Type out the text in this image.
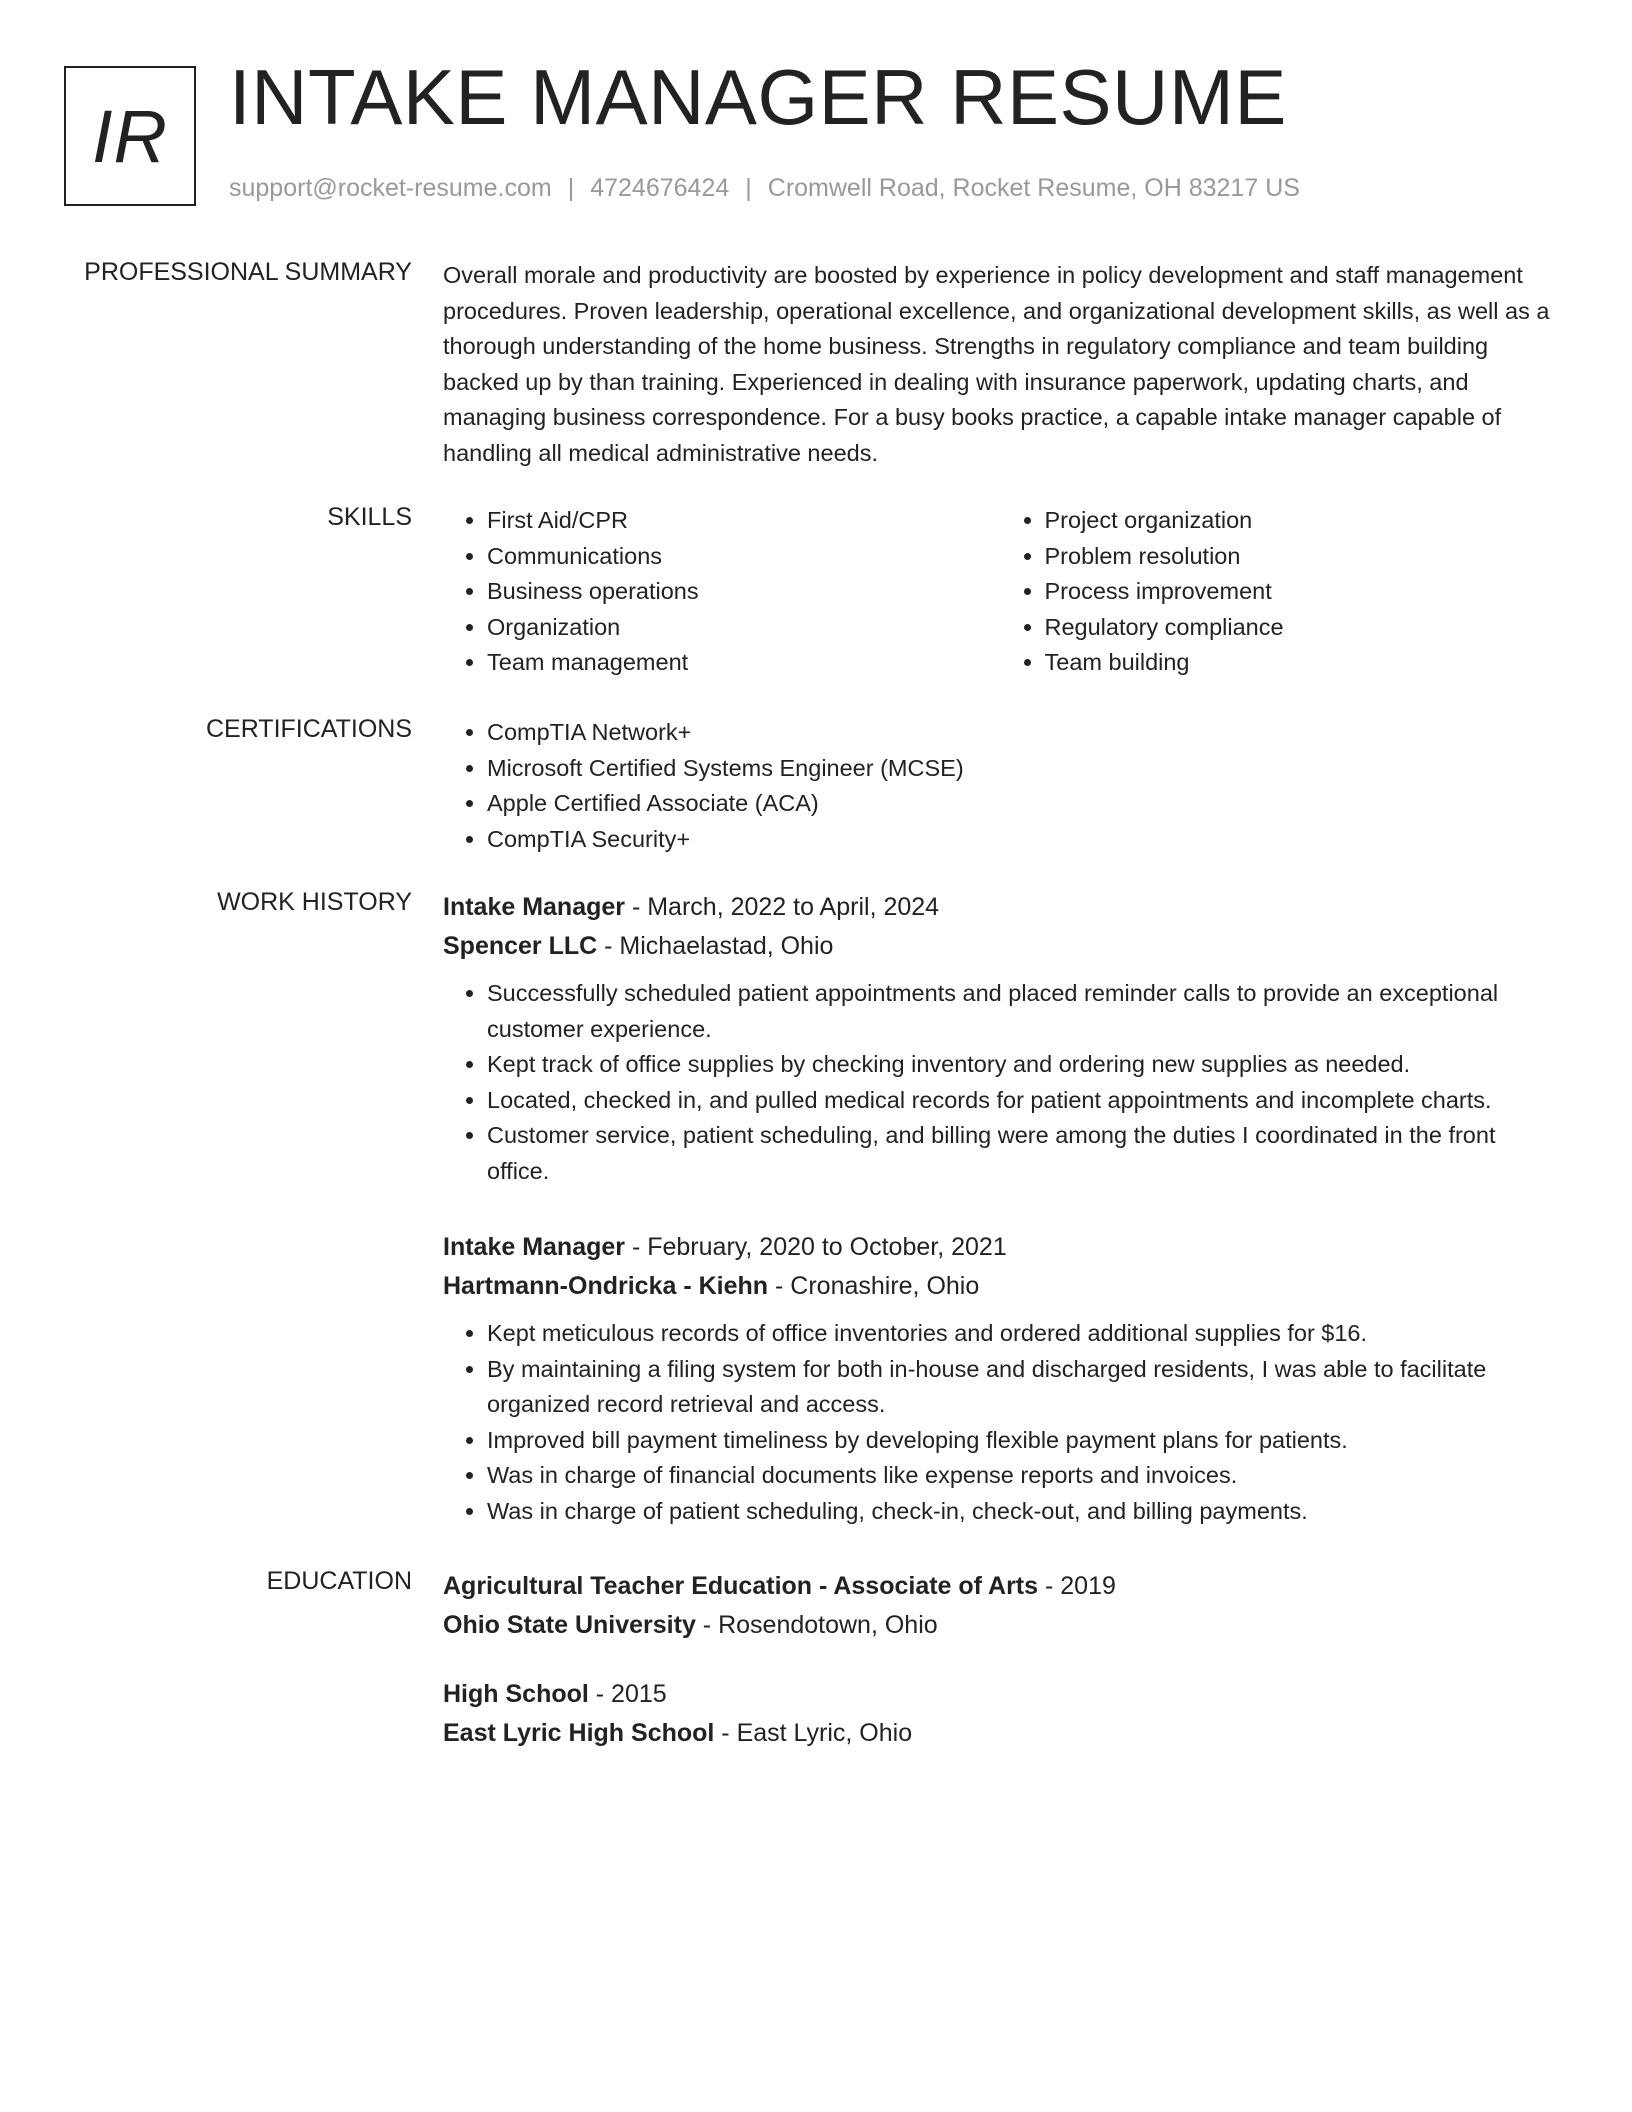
IR INTAKE MANAGER RESUME
support@rocket-resume.com | 4724676424 | Cromwell Road, Rocket Resume, OH 83217 US
PROFESSIONAL SUMMARY Overall morale and productivity are boosted by experience in policy development and staff management procedures. Proven leadership, operational excellence, and organizational development skills, as well as a thorough understanding of the home business. Strengths in regulatory compliance and team building backed up by than training. Experienced in dealing with insurance paperwork, updating charts, and managing business correspondence. For a busy books practice, a capable intake manager capable of handling all medical administrative needs.

SKILLS	• First Aid/CPR
• Communications
• Business operations
• Organization
• Team management
• Project organization
• Problem resolution
• Process improvement
• Regulatory compliance
• Team building
CERTIFICATIONS	• CompTIA Network+
• Microsoft Certified Systems Engineer (MCSE)
• Apple Certified Associate (ACA)
• CompTIA Security+
WORK HISTORY Intake Manager - March, 2022 to April, 2024
Spencer LLC - Michaelastad, Ohio
• Successfully scheduled patient appointments and placed reminder calls to provide an exceptional customer experience.
• Kept track of office supplies by checking inventory and ordering new supplies as needed.
• Located, checked in, and pulled medical records for patient appointments and incomplete charts.
• Customer service, patient scheduling, and billing were among the duties I coordinated in the front office.
Intake Manager - February, 2020 to October, 2021
Hartmann-Ondricka - Kiehn - Cronashire, Ohio
• Kept meticulous records of office inventories and ordered additional supplies for $16.
• By maintaining a filing system for both in-house and discharged residents, I was able to facilitate organized record retrieval and access.
• Improved bill payment timeliness by developing flexible payment plans for patients.
• Was in charge of financial documents like expense reports and invoices.
• Was in charge of patient scheduling, check-in, check-out, and billing payments.
EDUCATION Agricultural Teacher Education - Associate of Arts - 2019
Ohio State University - Rosendotown, Ohio
High School - 2015
East Lyric High School - East Lyric, Ohio
